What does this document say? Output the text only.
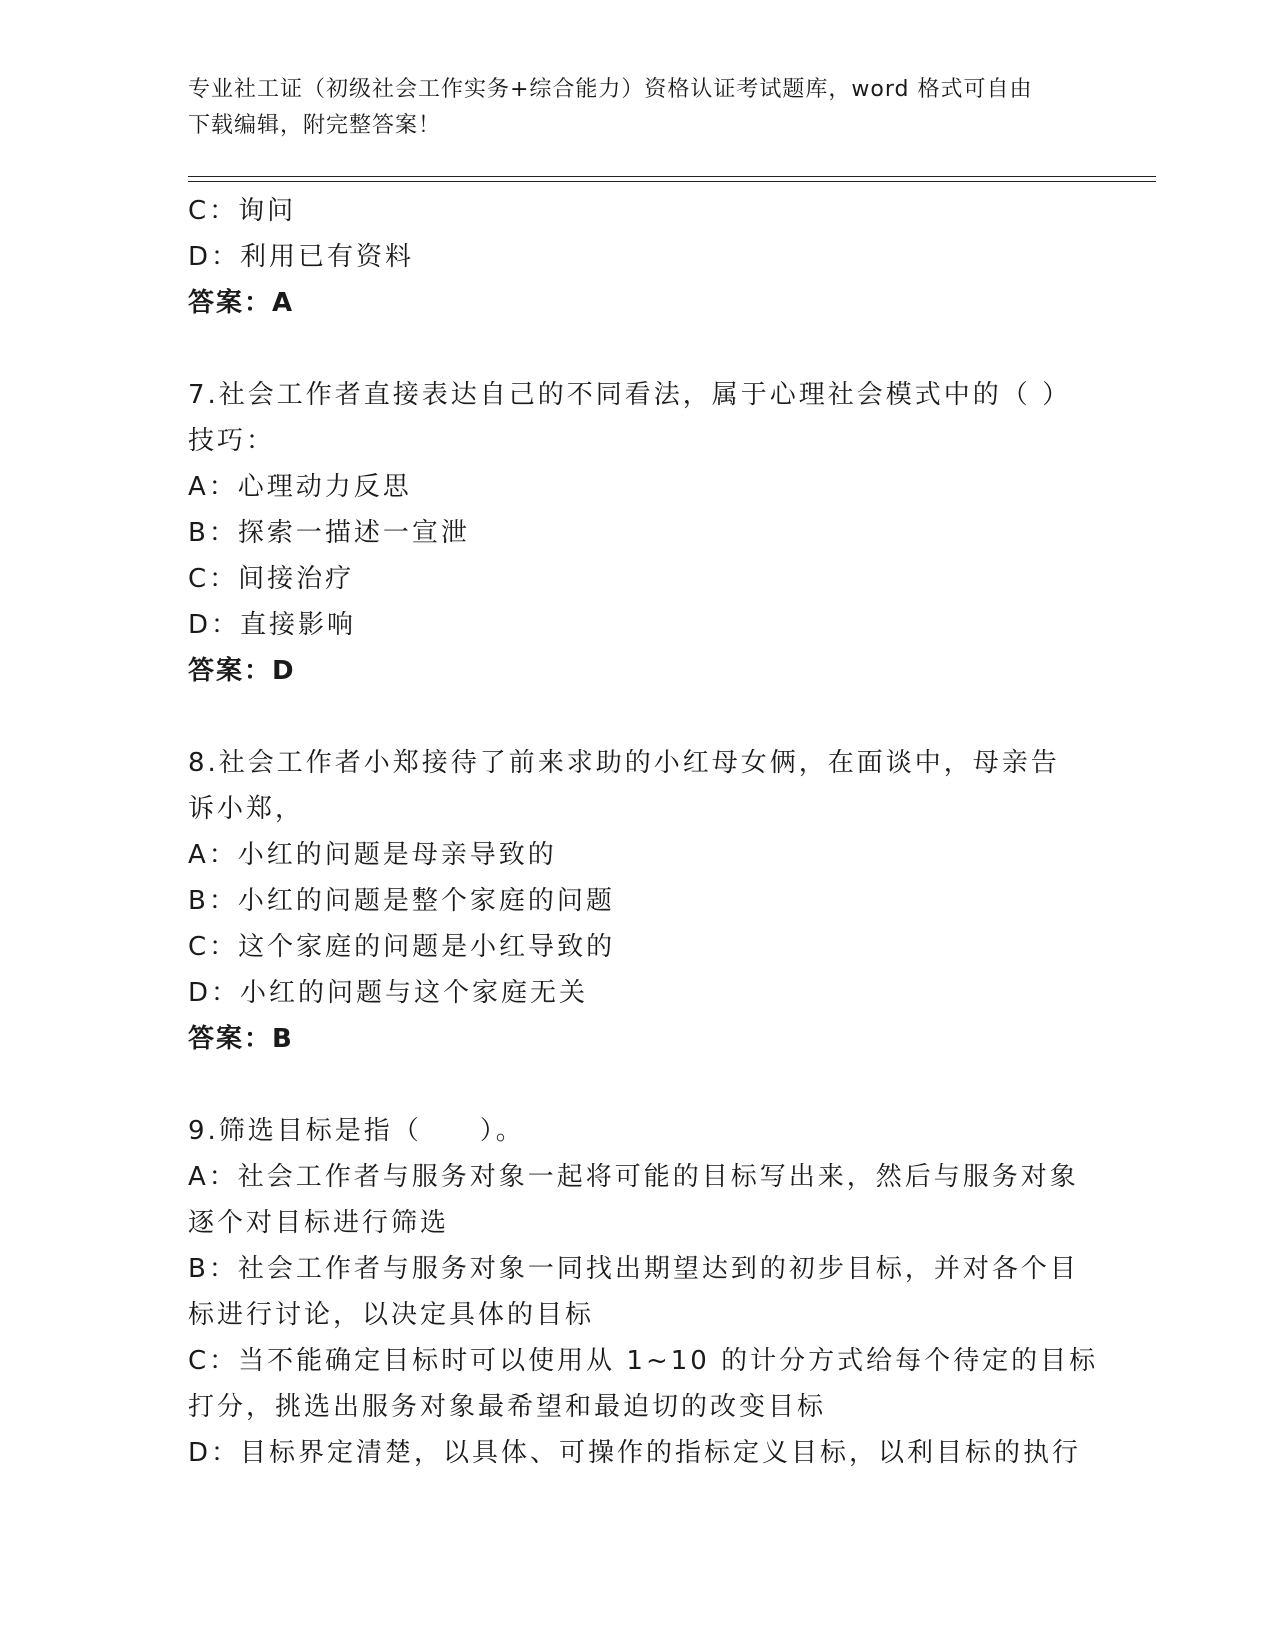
专业社工证（初级社会工作实务+综合能力）资格认证考试题库，word 格式可自由
下载编辑，附完整答案！
C：询问
D：利用已有资料
答案：A
7.社会工作者直接表达自己的不同看法，属于心理社会模式中的（ ）
技巧：
A：心理动力反思
B：探索一描述一宣泄
C：间接治疗
D：直接影响
答案：D
8.社会工作者小郑接待了前来求助的小红母女俩，在面谈中，母亲告
诉小郑，
A：小红的问题是母亲导致的
B：小红的问题是整个家庭的问题
C：这个家庭的问题是小红导致的
D：小红的问题与这个家庭无关
答案：B
9.筛选目标是指（　　）。
A：社会工作者与服务对象一起将可能的目标写出来，然后与服务对象
逐个对目标进行筛选
B：社会工作者与服务对象一同找出期望达到的初步目标，并对各个目
标进行讨论，以决定具体的目标
C：当不能确定目标时可以使用从 1~10 的计分方式给每个待定的目标
打分，挑选出服务对象最希望和最迫切的改变目标
D：目标界定清楚，以具体、可操作的指标定义目标，以利目标的执行
